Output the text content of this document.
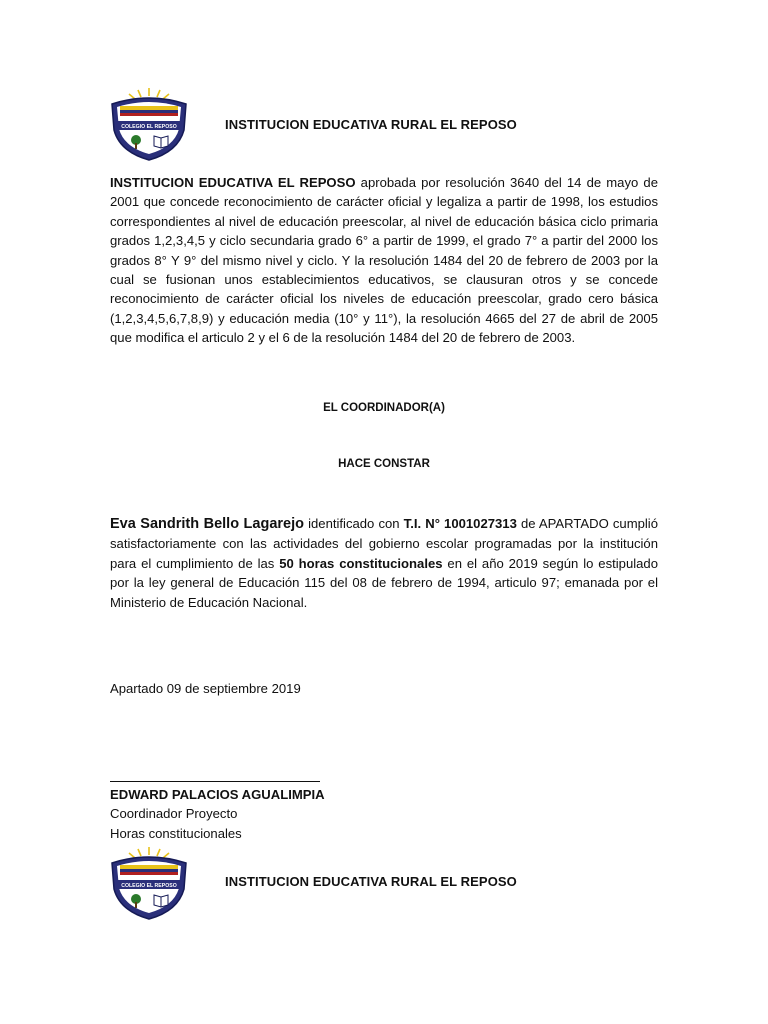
COLEGIO EL REPOSO	INSTITUCION EDUCATIVA RURAL EL REPOSO

INSTITUCION EDUCATIVA EL REPOSO aprobada por resolución 3640 del 14 de mayo de 2001 que concede reconocimiento de carácter oficial y legaliza a partir de 1998, los estudios correspondientes al nivel de educación preescolar, al nivel de educación básica ciclo primaria grados 1,2,3,4,5 y ciclo secundaria grado 6° a partir de 1999, el grado 7° a partir del 2000 los grados 8° Y 9° del mismo nivel y ciclo. Y la resolución 1484 del 20 de febrero de 2003 por la cual se fusionan unos establecimientos educativos, se clausuran otros y se concede reconocimiento de carácter oficial los niveles de educación preescolar, grado cero básica (1,2,3,4,5,6,7,8,9) y educación media (10° y 11°), la resolución 4665 del 27 de abril de 2005 que modifica el articulo 2 y el 6 de la resolución 1484 del 20 de febrero de 2003.

EL COORDINADOR(A)
HACE CONSTAR

Eva Sandrith Bello Lagarejo identificado con T.I. N° 1001027313 de APARTADO cumplió satisfactoriamente con las actividades del gobierno escolar programadas por la institución para el cumplimiento de las 50 horas constitucionales en el año 2019 según lo estipulado por la ley general de Educación 115 del 08 de febrero de 1994, articulo 97; emanada por el Ministerio de Educación Nacional.

Apartado 09 de septiembre 2019
EDWARD PALACIOS AGUALIMPIA
Coordinador Proyecto
Horas constitucionales
COLEGIO EL REPOSO	INSTITUCION EDUCATIVA RURAL EL REPOSO
